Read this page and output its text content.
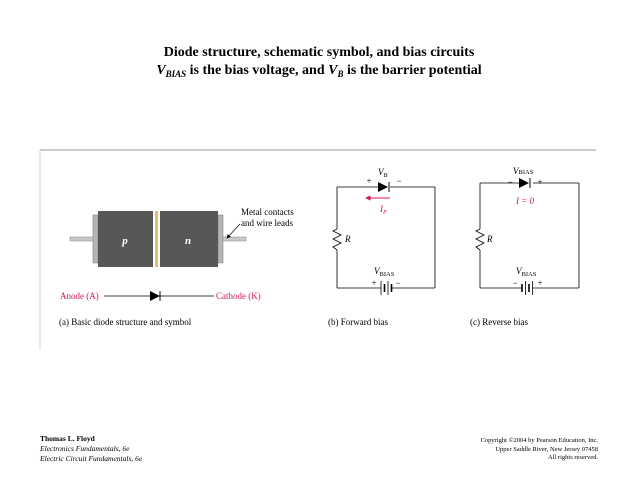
Diode structure, schematic symbol, and bias circuits
$V_{BIAS}$ is the bias voltage, and $V_B$ is the barrier potential
p	n
Metal contacts
and wire leads
Anode (A)	Cathode (K)
(a) Basic diode structure and symbol
$V_B$
+	−
$I_F$
R
$V_{BIAS}$
+ −
(b) Forward bias
VBIAS
−	+
I = 0
R
$V_{BIAS}$
− +
(c) Reverse bias
Thomas L. Floyd
Electronics Fundamentals, 6e
Electric Circuit Fundamentals, 6e
Copyright ©2004 by Pearson Education, Inc.
Upper Saddle River, New Jersey 07458
All rights reserved.
